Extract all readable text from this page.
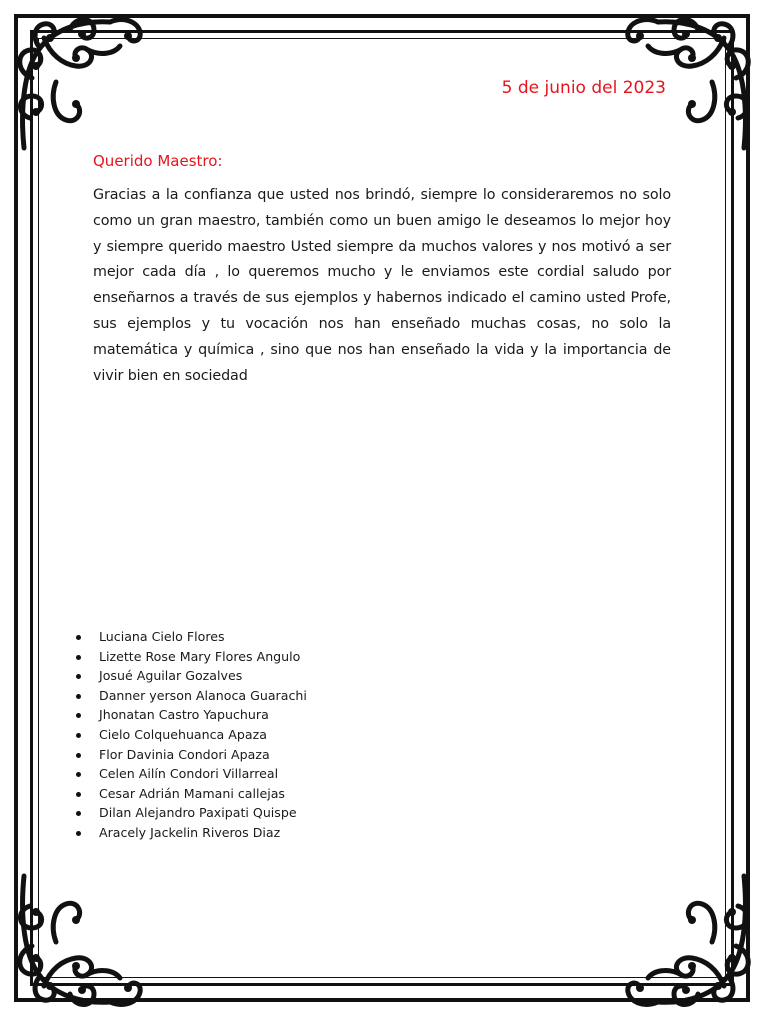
5 de junio del 2023
Querido Maestro:
Gracias a la confianza que usted nos brindó, siempre lo consideraremos no solo como un gran maestro, también como un buen amigo le deseamos lo mejor hoy y siempre querido maestro Usted siempre da muchos valores y nos motivó a ser mejor cada día , lo queremos mucho y le enviamos este cordial saludo por enseñarnos a través de sus ejemplos y habernos indicado el camino usted Profe, sus ejemplos y tu vocación nos han enseñado muchas cosas, no solo la matemática y química , sino que nos han enseñado la vida y la importancia de vivir bien en sociedad
Luciana Cielo Flores
Lizette Rose Mary Flores Angulo
Josué Aguilar Gozalves
Danner yerson Alanoca Guarachi
Jhonatan Castro Yapuchura
Cielo Colquehuanca Apaza
Flor Davinia Condori Apaza
Celen Ailín Condori Villarreal
Cesar Adrián Mamani callejas
Dilan Alejandro Paxipati Quispe
Aracely Jackelin Riveros Diaz
